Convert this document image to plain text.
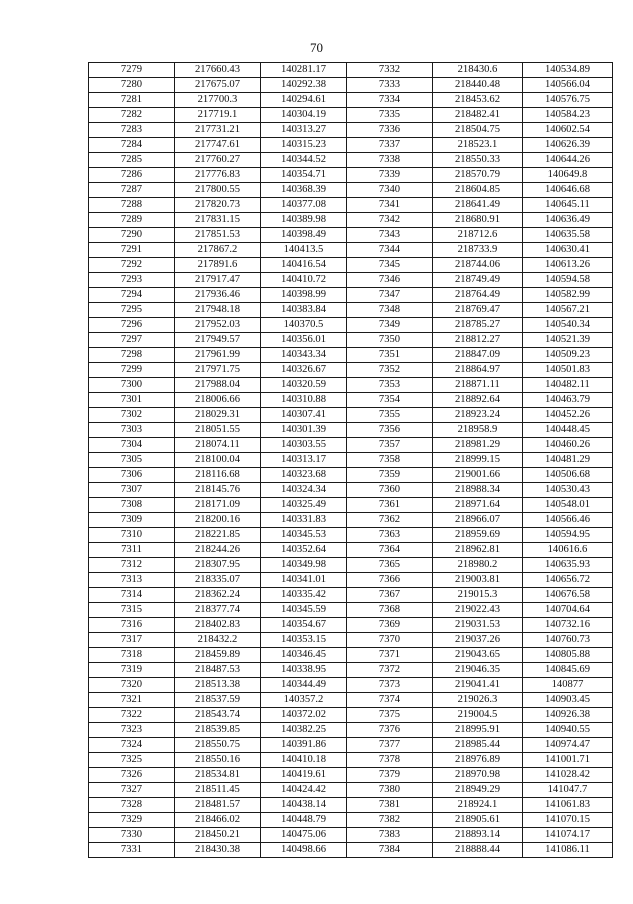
70
7279	217660.43	140281.17	7332	218430.6	140534.89
7280	217675.07	140292.38	7333	218440.48	140566.04
7281	217700.3	140294.61	7334	218453.62	140576.75
7282	217719.1	140304.19	7335	218482.41	140584.23
7283	217731.21	140313.27	7336	218504.75	140602.54
7284	217747.61	140315.23	7337	218523.1	140626.39
7285	217760.27	140344.52	7338	218550.33	140644.26
7286	217776.83	140354.71	7339	218570.79	140649.8
7287	217800.55	140368.39	7340	218604.85	140646.68
7288	217820.73	140377.08	7341	218641.49	140645.11
7289	217831.15	140389.98	7342	218680.91	140636.49
7290	217851.53	140398.49	7343	218712.6	140635.58
7291	217867.2	140413.5	7344	218733.9	140630.41
7292	217891.6	140416.54	7345	218744.06	140613.26
7293	217917.47	140410.72	7346	218749.49	140594.58
7294	217936.46	140398.99	7347	218764.49	140582.99
7295	217948.18	140383.84	7348	218769.47	140567.21
7296	217952.03	140370.5	7349	218785.27	140540.34
7297	217949.57	140356.01	7350	218812.27	140521.39
7298	217961.99	140343.34	7351	218847.09	140509.23
7299	217971.75	140326.67	7352	218864.97	140501.83
7300	217988.04	140320.59	7353	218871.11	140482.11
7301	218006.66	140310.88	7354	218892.64	140463.79
7302	218029.31	140307.41	7355	218923.24	140452.26
7303	218051.55	140301.39	7356	218958.9	140448.45
7304	218074.11	140303.55	7357	218981.29	140460.26
7305	218100.04	140313.17	7358	218999.15	140481.29
7306	218116.68	140323.68	7359	219001.66	140506.68
7307	218145.76	140324.34	7360	218988.34	140530.43
7308	218171.09	140325.49	7361	218971.64	140548.01
7309	218200.16	140331.83	7362	218966.07	140566.46
7310	218221.85	140345.53	7363	218959.69	140594.95
7311	218244.26	140352.64	7364	218962.81	140616.6
7312	218307.95	140349.98	7365	218980.2	140635.93
7313	218335.07	140341.01	7366	219003.81	140656.72
7314	218362.24	140335.42	7367	219015.3	140676.58
7315	218377.74	140345.59	7368	219022.43	140704.64
7316	218402.83	140354.67	7369	219031.53	140732.16
7317	218432.2	140353.15	7370	219037.26	140760.73
7318	218459.89	140346.45	7371	219043.65	140805.88
7319	218487.53	140338.95	7372	219046.35	140845.69
7320	218513.38	140344.49	7373	219041.41	140877
7321	218537.59	140357.2	7374	219026.3	140903.45
7322	218543.74	140372.02	7375	219004.5	140926.38
7323	218539.85	140382.25	7376	218995.91	140940.55
7324	218550.75	140391.86	7377	218985.44	140974.47
7325	218550.16	140410.18	7378	218976.89	141001.71
7326	218534.81	140419.61	7379	218970.98	141028.42
7327	218511.45	140424.42	7380	218949.29	141047.7
7328	218481.57	140438.14	7381	218924.1	141061.83
7329	218466.02	140448.79	7382	218905.61	141070.15
7330	218450.21	140475.06	7383	218893.14	141074.17
7331	218430.38	140498.66	7384	218888.44	141086.11
